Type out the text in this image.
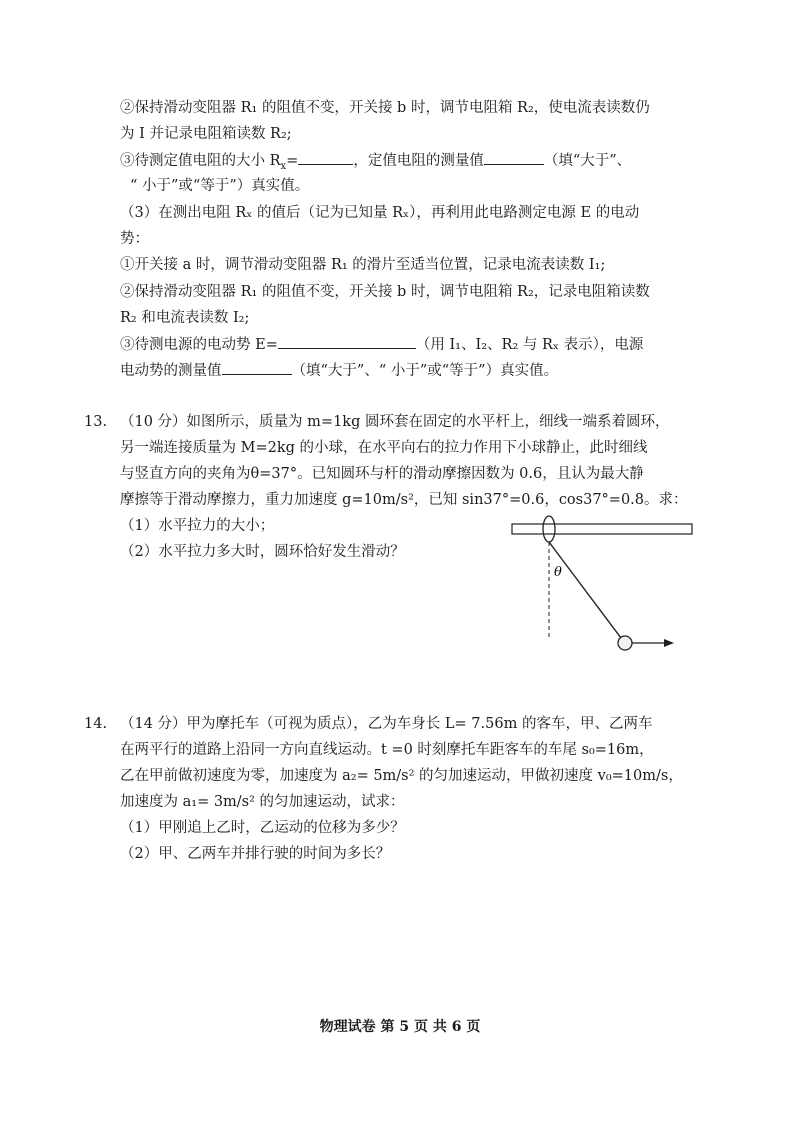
②保持滑动变阻器 R₁ 的阻值不变，开关接 b 时，调节电阻箱 R₂，使电流表读数仍
为 I 并记录电阻箱读数 R₂;
③待测定值电阻的大小 $R_x=$	，定值电阻的测量值	（填“大于”、
“ 小于”或“等于”）真实值。
（3）在测出电阻 Rₓ 的值后（记为已知量 Rₓ），再利用此电路测定电源 E 的电动
势：
①开关接 a 时，调节滑动变阻器 R₁ 的滑片至适当位置，记录电流表读数 I₁;
②保持滑动变阻器 R₁ 的阻值不变，开关接 b 时，调节电阻箱 R₂，记录电阻箱读数
R₂ 和电流表读数 I₂;
③待测电源的电动势 E=	（用 I₁、I₂、R₂ 与 Rₓ 表示），电源
电动势的测量值	（填“大于”、“ 小于”或“等于”）真实值。
13. （10 分）如图所示，质量为 m=1kg 圆环套在固定的水平杆上，细线一端系着圆环，
另一端连接质量为 M=2kg 的小球，在水平向右的拉力作用下小球静止，此时细线
与竖直方向的夹角为θ=37°。已知圆环与杆的滑动摩擦因数为 0.6，且认为最大静
摩擦等于滑动摩擦力，重力加速度 g=10m/s²，已知 sin37°=0.6，cos37°=0.8。求：
（1）水平拉力的大小；
（2）水平拉力多大时，圆环恰好发生滑动？
θ
14. （14 分）甲为摩托车（可视为质点），乙为车身长 L= 7.56m 的客车，甲、乙两车
在两平行的道路上沿同一方向直线运动。t =0 时刻摩托车距客车的车尾 s₀=16m，
乙在甲前做初速度为零，加速度为 a₂= 5m/s² 的匀加速运动，甲做初速度 v₀=10m/s，
加速度为 a₁= 3m/s² 的匀加速运动，试求：
（1）甲刚追上乙时，乙运动的位移为多少？
（2）甲、乙两车并排行驶的时间为多长？
物理试卷 第 5 页 共 6 页
